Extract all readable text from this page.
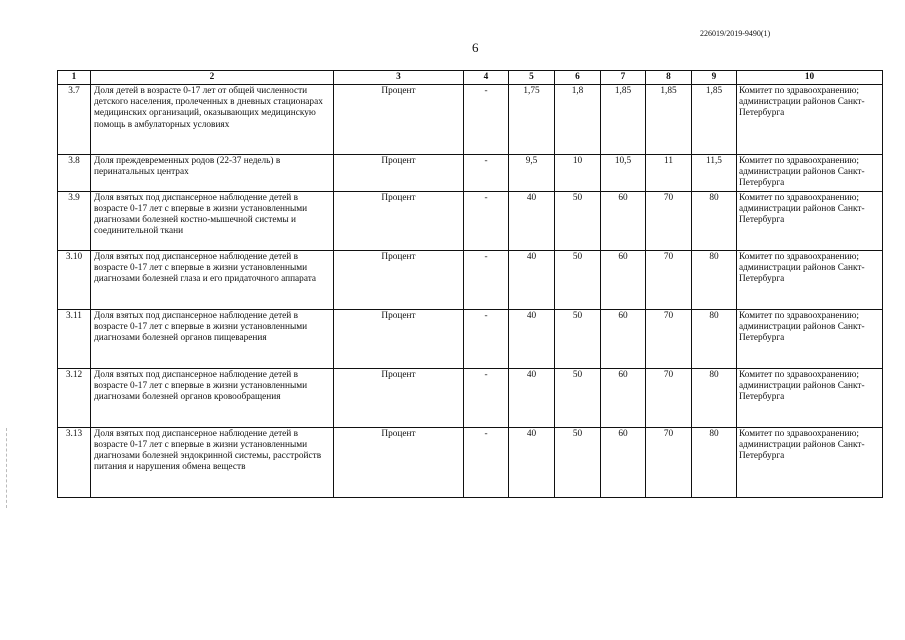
226019/2019-9490(1)
6
1	2	3	4	5	6	7	8	9	10
3.7	Доля детей в возрасте 0-17 лет от общей численности детского населения, пролеченных в дневных стационарах медицинских организаций, оказывающих медицинскую помощь в амбулаторных условиях	Процент	-	1,75	1,8	1,85	1,85	1,85	Комитет по здравоохранению; администрации районов Санкт-Петербурга
3.8	Доля преждевременных родов (22-37 недель) в перинатальных центрах	Процент	-	9,5	10	10,5	11	11,5	Комитет по здравоохранению; администрации районов Санкт-Петербурга
3.9	Доля взятых под диспансерное наблюдение детей в возрасте 0-17 лет с впервые в жизни установленными диагнозами болезней костно-мышечной системы и соединительной ткани	Процент	-	40	50	60	70	80	Комитет по здравоохранению; администрации районов Санкт-Петербурга
3.10	Доля взятых под диспансерное наблюдение детей в возрасте 0-17 лет с впервые в жизни установленными диагнозами болезней глаза и его придаточного аппарата	Процент	-	40	50	60	70	80	Комитет по здравоохранению; администрации районов Санкт-Петербурга
3.11	Доля взятых под диспансерное наблюдение детей в возрасте 0-17 лет с впервые в жизни установленными диагнозами болезней органов пищеварения	Процент	-	40	50	60	70	80	Комитет по здравоохранению; администрации районов Санкт-Петербурга
3.12	Доля взятых под диспансерное наблюдение детей в возрасте 0-17 лет с впервые в жизни установленными диагнозами болезней органов кровообращения	Процент	-	40	50	60	70	80	Комитет по здравоохранению; администрации районов Санкт-Петербурга
3.13	Доля взятых под диспансерное наблюдение детей в возрасте 0-17 лет с впервые в жизни установленными диагнозами болезней эндокринной системы, расстройств питания и нарушения обмена веществ	Процент	-	40	50	60	70	80	Комитет по здравоохранению; администрации районов Санкт-Петербурга
